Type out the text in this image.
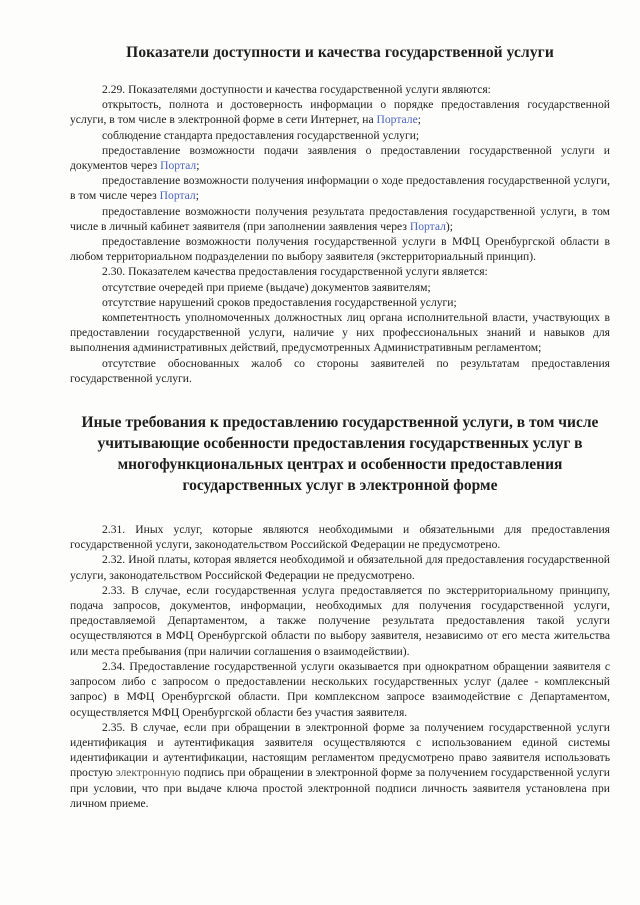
Показатели доступности и качества государственной услуги

2.29. Показателями доступности и качества государственной услуги являются:

открытость, полнота и достоверность информации о порядке предоставления государственной услуги, в том числе в электронной форме в сети Интернет, на Портале;

соблюдение стандарта предоставления государственной услуги;

предоставление возможности подачи заявления о предоставлении государственной услуги и документов через Портал;

предоставление возможности получения информации о ходе предоставления государственной услуги, в том числе через Портал;

предоставление возможности получения результата предоставления государственной услуги, в том числе в личный кабинет заявителя (при заполнении заявления через Портал);

предоставление возможности получения государственной услуги в МФЦ Оренбургской области в любом территориальном подразделении по выбору заявителя (экстерриториальный принцип).

2.30. Показателем качества предоставления государственной услуги является:

отсутствие очередей при приеме (выдаче) документов заявителям;

отсутствие нарушений сроков предоставления государственной услуги;

компетентность уполномоченных должностных лиц органа исполнительной власти, участвующих в предоставлении государственной услуги, наличие у них профессиональных знаний и навыков для выполнения административных действий, предусмотренных Административным регламентом;

отсутствие обоснованных жалоб со стороны заявителей по результатам предоставления государственной услуги.

Иные требования к предоставлению государственной услуги, в том числе учитывающие особенности предоставления государственных услуг в многофункциональных центрах и особенности предоставления государственных услуг в электронной форме

2.31. Иных услуг, которые являются необходимыми и обязательными для предоставления государственной услуги, законодательством Российской Федерации не предусмотрено.

2.32. Иной платы, которая является необходимой и обязательной для предоставления государственной услуги, законодательством Российской Федерации не предусмотрено.

2.33. В случае, если государственная услуга предоставляется по экстерриториальному принципу, подача запросов, документов, информации, необходимых для получения государственной услуги, предоставляемой Департаментом, а также получение результата предоставления такой услуги осуществляются в МФЦ Оренбургской области по выбору заявителя, независимо от его места жительства или места пребывания (при наличии соглашения о взаимодействии).

2.34. Предоставление государственной услуги оказывается при однократном обращении заявителя с запросом либо с запросом о предоставлении нескольких государственных услуг (далее - комплексный запрос) в МФЦ Оренбургской области. При комплексном запросе взаимодействие с Департаментом, осуществляется МФЦ Оренбургской области без участия заявителя.

2.35. В случае, если при обращении в электронной форме за получением государственной услуги идентификация и аутентификация заявителя осуществляются с использованием единой системы идентификации и аутентификации, настоящим регламентом предусмотрено право заявителя использовать простую электронную подпись при обращении в электронной форме за получением государственной услуги при условии, что при выдаче ключа простой электронной подписи личность заявителя установлена при личном приеме.
